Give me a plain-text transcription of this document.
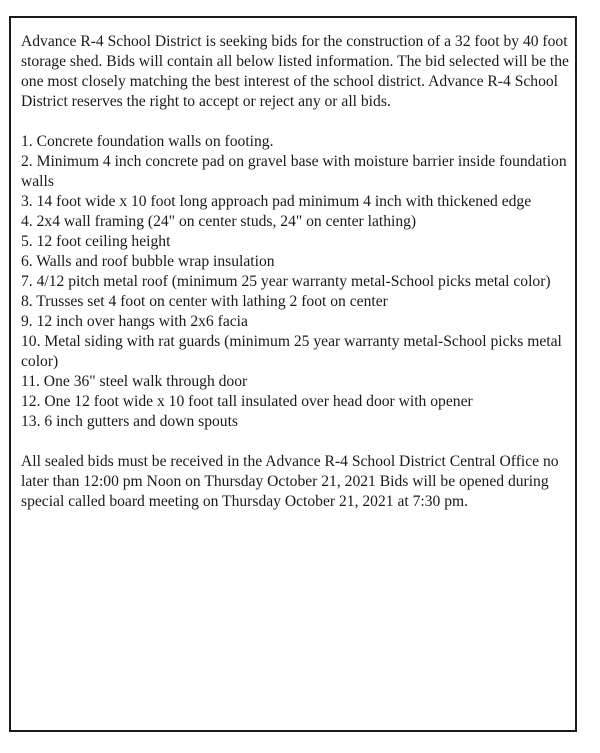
Advance R-4 School District is seeking bids for the construction of a 32 foot by 40 foot storage shed. Bids will contain all below listed information. The bid selected will be the one most closely matching the best interest of the school district. Advance R-4 School District reserves the right to accept or reject any or all bids.

1. Concrete foundation walls on footing.
2. Minimum 4 inch concrete pad on gravel base with moisture barrier inside foundation walls
3. 14 foot wide x 10 foot long approach pad minimum 4 inch with thickened edge
4. 2x4 wall framing (24" on center studs, 24" on center lathing)
5. 12 foot ceiling height
6. Walls and roof bubble wrap insulation
7. 4/12 pitch metal roof (minimum 25 year warranty metal-School picks metal color)
8. Trusses set 4 foot on center with lathing 2 foot on center
9. 12 inch over hangs with 2x6 facia
10. Metal siding with rat guards (minimum 25 year warranty metal-School picks metal color)
11. One 36" steel walk through door
12. One 12 foot wide x 10 foot tall insulated over head door with opener
13. 6 inch gutters and down spouts

All sealed bids must be received in the Advance R-4 School District Central Office no later than 12:00 pm Noon on Thursday October 21, 2021 Bids will be opened during special called board meeting on Thursday October 21, 2021 at 7:30 pm.
